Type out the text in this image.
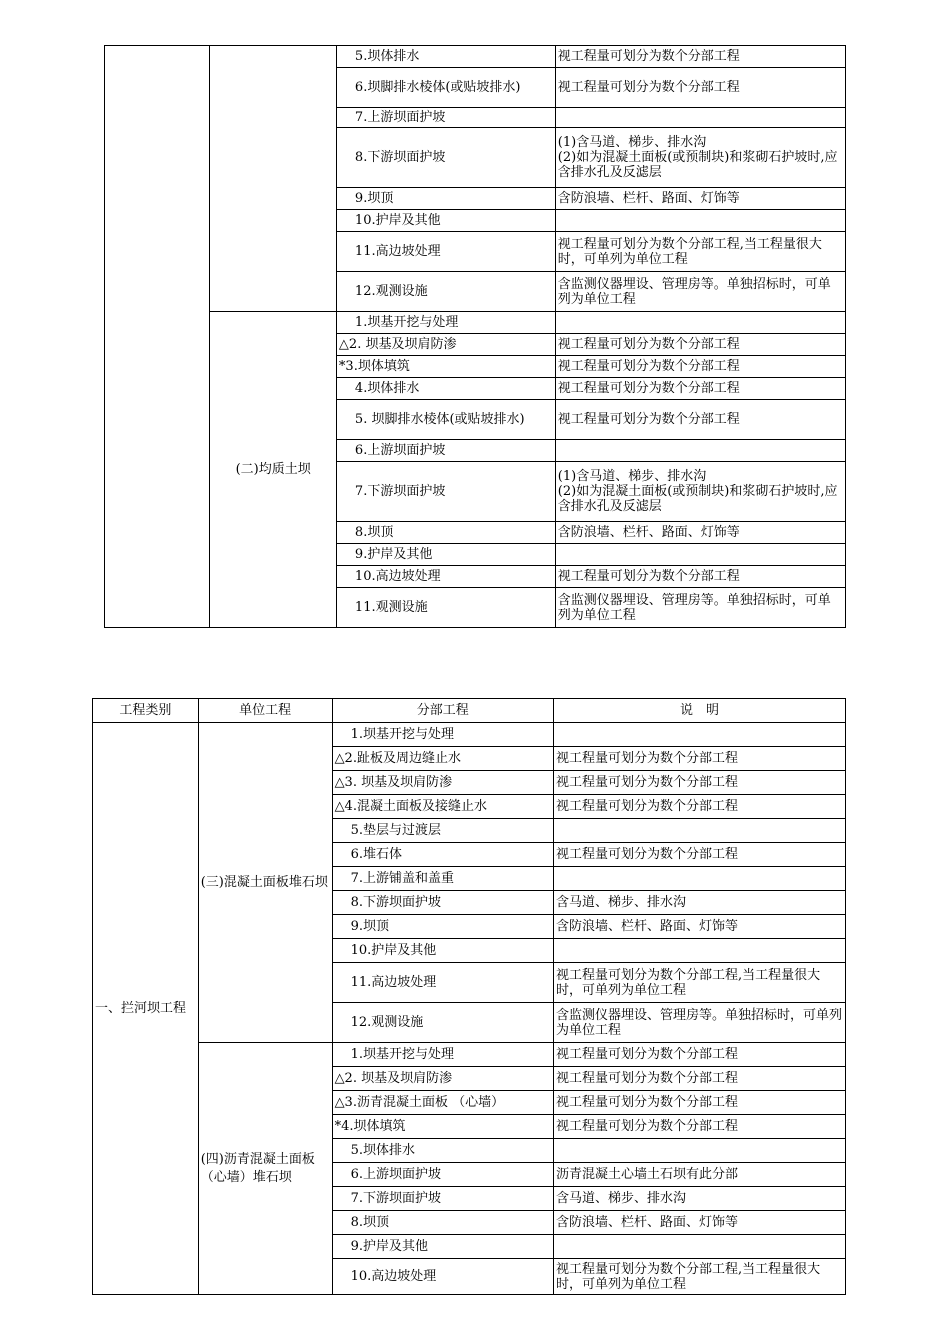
		5.坝体排水	视工程量可划分为数个分部工程
		6.坝脚排水棱体(或贴坡排水)	视工程量可划分为数个分部工程
		7.上游坝面护坡	
		8.下游坝面护坡	(1)含马道、梯步、排水沟
(2)如为混凝土面板(或预制块)和浆砌石护坡时,应含排水孔及反滤层
		9.坝顶	含防浪墙、栏杆、路面、灯饰等
		10.护岸及其他	
		11.高边坡处理	视工程量可划分为数个分部工程,当工程量很大时，可单列为单位工程
		12.观测设施	含监测仪器埋设、管理房等。单独招标时，可单列为单位工程
	(二)均质土坝	1.坝基开挖与处理	
		△2. 坝基及坝肩防渗	视工程量可划分为数个分部工程
		*3.坝体填筑	视工程量可划分为数个分部工程
		4.坝体排水	视工程量可划分为数个分部工程
		5. 坝脚排水棱体(或贴坡排水)	视工程量可划分为数个分部工程
		6.上游坝面护坡	
		7.下游坝面护坡	(1)含马道、梯步、排水沟
(2)如为混凝土面板(或预制块)和浆砌石护坡时,应含排水孔及反滤层
		8.坝顶	含防浪墙、栏杆、路面、灯饰等
		9.护岸及其他	
		10.高边坡处理	视工程量可划分为数个分部工程
		11.观测设施	含监测仪器埋设、管理房等。单独招标时，可单列为单位工程
工程类别	单位工程	分部工程	说　明
一、拦河坝工程	(三)混凝土面板堆石坝	1.坝基开挖与处理	
		△2.趾板及周边缝止水	视工程量可划分为数个分部工程
		△3. 坝基及坝肩防渗	视工程量可划分为数个分部工程
		△4.混凝土面板及接缝止水	视工程量可划分为数个分部工程
		5.垫层与过渡层	
		6.堆石体	视工程量可划分为数个分部工程
		7.上游铺盖和盖重	
		8.下游坝面护坡	含马道、梯步、排水沟
		9.坝顶	含防浪墙、栏杆、路面、灯饰等
		10.护岸及其他	
		11.高边坡处理	视工程量可划分为数个分部工程,当工程量很大时，可单列为单位工程
		12.观测设施	含监测仪器埋设、管理房等。单独招标时，可单列为单位工程
	(四)沥青混凝土面板（心墙）堆石坝	1.坝基开挖与处理	视工程量可划分为数个分部工程
		△2. 坝基及坝肩防渗	视工程量可划分为数个分部工程
		△3.沥青混凝土面板 （心墙）	视工程量可划分为数个分部工程
		*4.坝体填筑	视工程量可划分为数个分部工程
		5.坝体排水	
		6.上游坝面护坡	沥青混凝土心墙土石坝有此分部
		7.下游坝面护坡	含马道、梯步、排水沟
		8.坝顶	含防浪墙、栏杆、路面、灯饰等
		9.护岸及其他	
		10.高边坡处理	视工程量可划分为数个分部工程,当工程量很大时，可单列为单位工程
